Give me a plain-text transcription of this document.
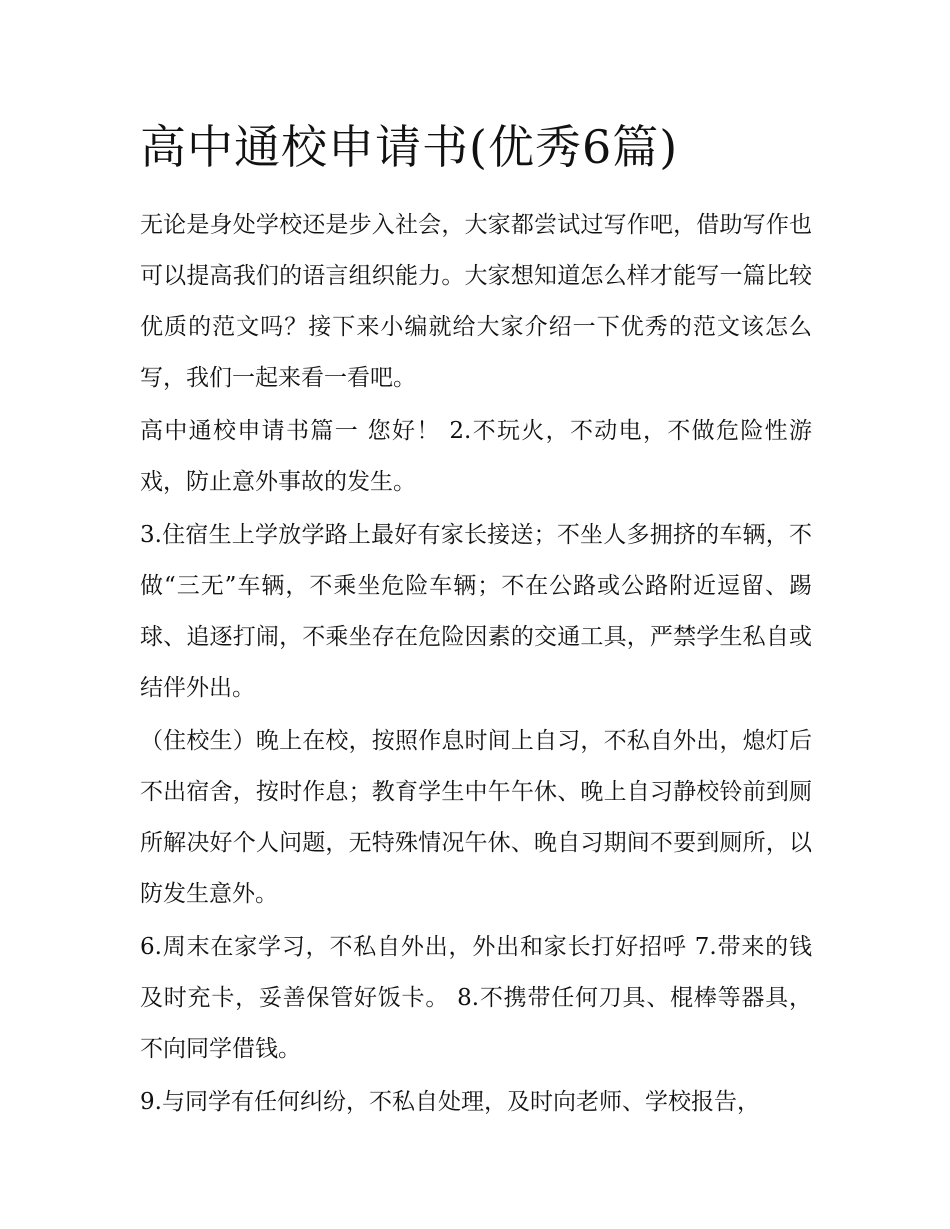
高中通校申请书(优秀6篇)

无论是身处学校还是步入社会，大家都尝试过写作吧，借助写作也可以提高我们的语言组织能力。大家想知道怎么样才能写一篇比较优质的范文吗？接下来小编就给大家介绍一下优秀的范文该怎么写，我们一起来看一看吧。

高中通校申请书篇一 您好！ 2.不玩火，不动电，不做危险性游戏，防止意外事故的发生。

3.住宿生上学放学路上最好有家长接送；不坐人多拥挤的车辆，不做“三无”车辆，不乘坐危险车辆；不在公路或公路附近逗留、踢球、追逐打闹，不乘坐存在危险因素的交通工具，严禁学生私自或结伴外出。

（住校生）晚上在校，按照作息时间上自习，不私自外出，熄灯后不出宿舍，按时作息；教育学生中午午休、晚上自习静校铃前到厕所解决好个人问题，无特殊情况午休、晚自习期间不要到厕所，以防发生意外。

6.周末在家学习，不私自外出，外出和家长打好招呼 7.带来的钱及时充卡，妥善保管好饭卡。 8.不携带任何刀具、棍棒等器具，不向同学借钱。

9.与同学有任何纠纷，不私自处理，及时向老师、学校报告，
